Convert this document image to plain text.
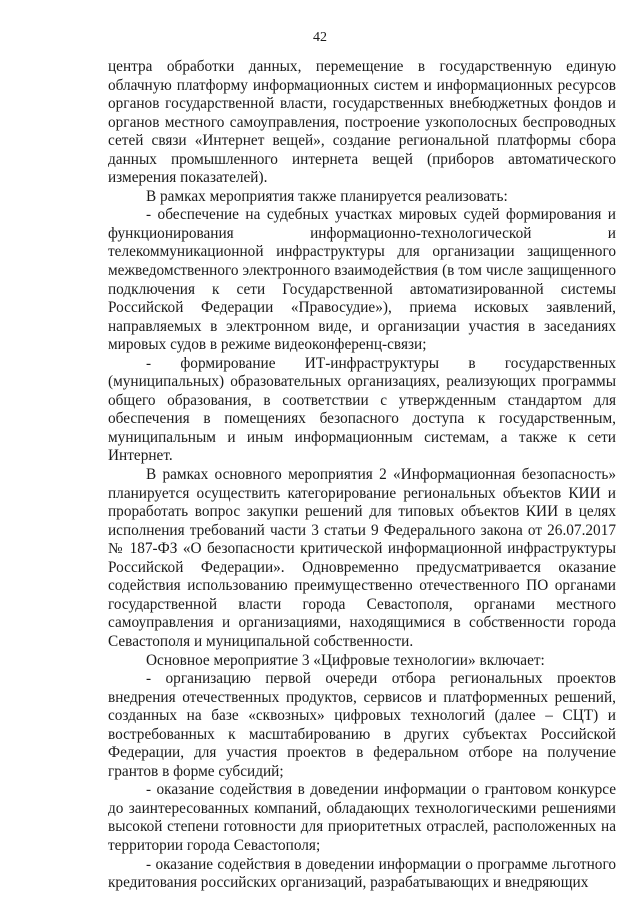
42

центра обработки данных, перемещение в государственную единую облачную платформу информационных систем и информационных ресурсов органов государственной власти, государственных внебюджетных фондов и органов местного самоуправления, построение узкополосных беспроводных сетей связи «Интернет вещей», создание региональной платформы сбора данных промышленного интернета вещей (приборов автоматического измерения показателей).

В рамках мероприятия также планируется реализовать:

- обеспечение на судебных участках мировых судей формирования и функционирования информационно-технологической и телекоммуникационной инфраструктуры для организации защищенного межведомственного электронного взаимодействия (в том числе защищенного подключения к сети Государственной автоматизированной системы Российской Федерации «Правосудие»), приема исковых заявлений, направляемых в электронном виде, и организации участия в заседаниях мировых судов в режиме видеоконференц-связи;

- формирование ИТ-инфраструктуры в государственных (муниципальных) образовательных организациях, реализующих программы общего образования, в соответствии с утвержденным стандартом для обеспечения в помещениях безопасного доступа к государственным, муниципальным и иным информационным системам, а также к сети Интернет.

В рамках основного мероприятия 2 «Информационная безопасность» планируется осуществить категорирование региональных объектов КИИ и проработать вопрос закупки решений для типовых объектов КИИ в целях исполнения требований части 3 статьи 9 Федерального закона от 26.07.2017 № 187-ФЗ «О безопасности критической информационной инфраструктуры Российской Федерации». Одновременно предусматривается оказание содействия использованию преимущественно отечественного ПО органами государственной власти города Севастополя, органами местного самоуправления и организациями, находящимися в собственности города Севастополя и муниципальной собственности.

Основное мероприятие 3 «Цифровые технологии» включает:

- организацию первой очереди отбора региональных проектов внедрения отечественных продуктов, сервисов и платформенных решений, созданных на базе «сквозных» цифровых технологий (далее – СЦТ) и востребованных к масштабированию в других субъектах Российской Федерации, для участия проектов в федеральном отборе на получение грантов в форме субсидий;

- оказание содействия в доведении информации о грантовом конкурсе до заинтересованных компаний, обладающих технологическими решениями высокой степени готовности для приоритетных отраслей, расположенных на территории города Севастополя;

- оказание содействия в доведении информации о программе льготного кредитования российских организаций, разрабатывающих и внедряющих
